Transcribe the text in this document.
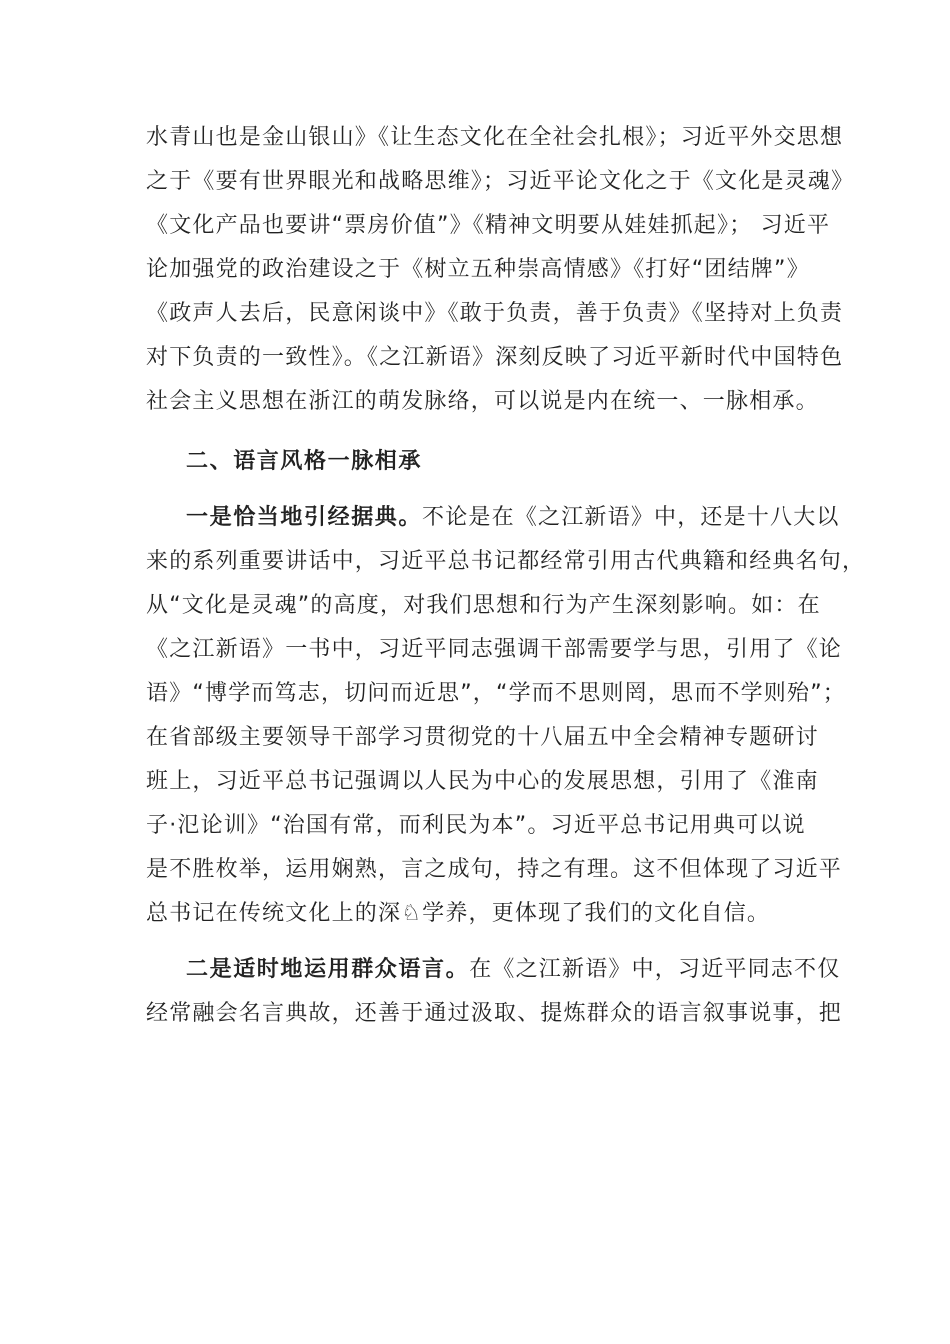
水青山也是金山银山》《让生态文化在全社会扎根》；习近平外交思想
之于《要有世界眼光和战略思维》；习近平论文化之于《文化是灵魂》
《文化产品也要讲“票房价值”》《精神文明要从娃娃抓起》； 习近平
论加强党的政治建设之于《树立五种崇高情感》《打好“团结牌”》
《政声人去后，民意闲谈中》《敢于负责，善于负责》《坚持对上负责
对下负责的一致性》。《之江新语》深刻反映了习近平新时代中国特色
社会主义思想在浙江的萌发脉络，可以说是内在统一、一脉相承。
二、语言风格一脉相承
一是恰当地引经据典。不论是在《之江新语》中，还是十八大以
来的系列重要讲话中，习近平总书记都经常引用古代典籍和经典名句，
从“文化是灵魂”的高度，对我们思想和行为产生深刻影响。如：在
《之江新语》一书中，习近平同志强调干部需要学与思，引用了《论
语》“博学而笃志，切问而近思”，“学而不思则罔，思而不学则殆”；
在省部级主要领导干部学习贯彻党的十八届五中全会精神专题研讨
班上，习近平总书记强调以人民为中心的发展思想，引用了《淮南
子·氾论训》“治国有常，而利民为本”。习近平总书记用典可以说
是不胜枚举，运用娴熟，言之成句，持之有理。这不但体现了习近平
总书记在传统文化上的深♘学养，更体现了我们的文化自信。
二是适时地运用群众语言。在《之江新语》中，习近平同志不仅
经常融会名言典故，还善于通过汲取、提炼群众的语言叙事说事，把
